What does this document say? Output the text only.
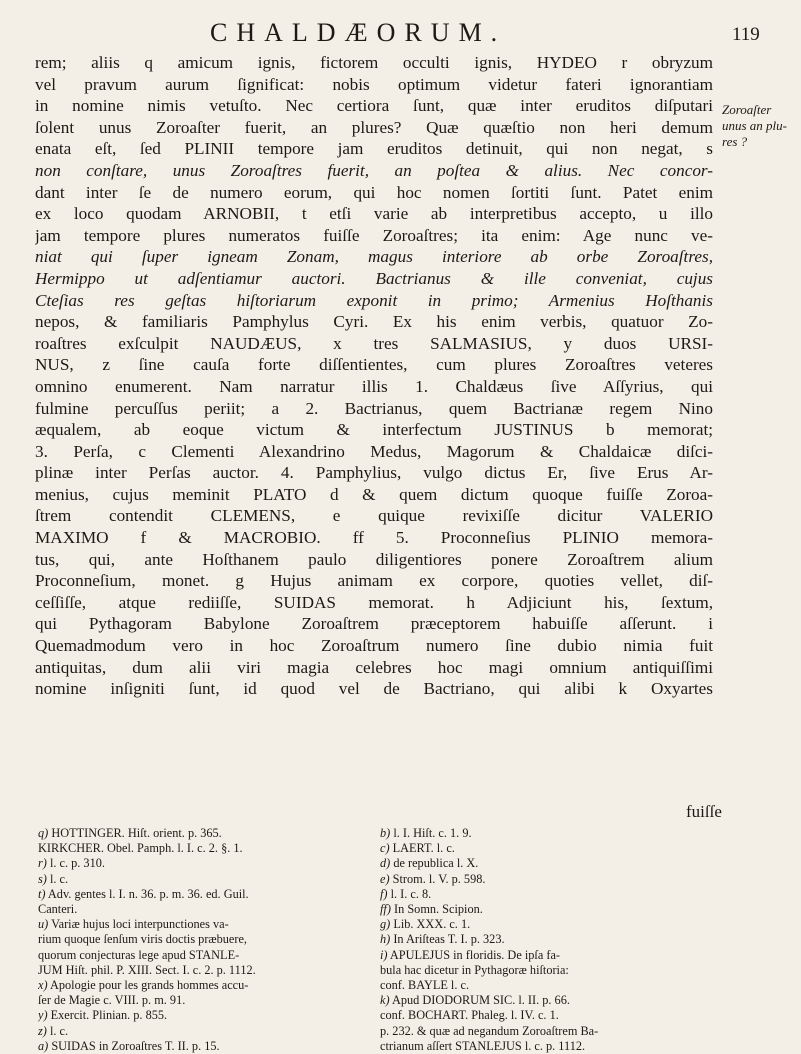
CHALDÆORUM.	119
Zoroaſter
unus an plu-
res ?
rem; aliis q amicum ignis, fictorem occulti ignis, HYDEO r obryzum
vel pravum aurum ſignificat: nobis optimum videtur fateri ignorantiam
in nomine nimis vetuſto. Nec certiora ſunt, quæ inter eruditos diſputari
ſolent unus Zoroaſter fuerit, an plures? Quæ quæſtio non heri demum
enata eſt, ſed PLINII tempore jam eruditos detinuit, qui non negat, s
non conſtare, unus Zoroaſtres fuerit, an poſtea & alius. Nec concor-
dant inter ſe de numero eorum, qui hoc nomen ſortiti ſunt. Patet enim
ex loco quodam ARNOBII, t etſi varie ab interpretibus accepto, u illo
jam tempore plures numeratos fuiſſe Zoroaſtres; ita enim: Age nunc ve-
niat qui ſuper igneam Zonam, magus interiore ab orbe Zoroaſtres,
Hermippo ut adſentiamur auctori. Bactrianus & ille conveniat, cujus
Cteſias res geſtas hiſtoriarum exponit in primo; Armenius Hoſthanis
nepos, & familiaris Pamphylus Cyri. Ex his enim verbis, quatuor Zo-
roaſtres exſculpit NAUDÆUS, x tres SALMASIUS, y duos URSI-
NUS, z ſine cauſa forte diſſentientes, cum plures Zoroaſtres veteres
omnino enumerent. Nam narratur illis 1. Chaldæus ſive Aſſyrius, qui
fulmine percuſſus periit; a 2. Bactrianus, quem Bactrianæ regem Nino
æqualem, ab eoque victum & interfectum JUSTINUS b memorat;
3. Perſa, c Clementi Alexandrino Medus, Magorum & Chaldaicæ diſci-
plinæ inter Perſas auctor. 4. Pamphylius, vulgo dictus Er, ſive Erus Ar-
menius, cujus meminit PLATO d & quem dictum quoque fuiſſe Zoroa-
ſtrem contendit CLEMENS, e quique revixiſſe dicitur VALERIO
MAXIMO f & MACROBIO. ff 5. Proconneſius PLINIO memora-
tus, qui, ante Hoſthanem paulo diligentiores ponere Zoroaſtrem alium
Proconneſium, monet. g Hujus animam ex corpore, quoties vellet, diſ-
ceſſiſſe, atque rediiſſe, SUIDAS memorat. h Adjiciunt his, ſextum,
qui Pythagoram Babylone Zoroaſtrem præceptorem habuiſſe aſſerunt. i
Quemadmodum vero in hoc Zoroaſtrum numero ſine dubio nimia fuit
antiquitas, dum alii viri magia celebres hoc magi omnium antiquiſſimi
nomine inſigniti ſunt, id quod vel de Bactriano, qui alibi k Oxyartes
fuiſſe
q) HOTTINGER. Hiſt. orient. p. 365.
KIRKCHER. Obel. Pamph. l. I. c. 2. §. 1.
r) l. c. p. 310.
s) l. c.
t) Adv. gentes l. I. n. 36. p. m. 36. ed. Guil.
Canteri.
u) Variæ hujus loci interpunctiones va-
rium quoque ſenſum viris doctis præbuere,
quorum conjecturas lege apud STANLE-
JUM Hiſt. phil. P. XIII. Sect. I. c. 2. p. 1112.
x) Apologie pour les grands hommes accu-
ſer de Magie c. VIII. p. m. 91.
y) Exercit. Plinian. p. 855.
z) l. c.
a) SUIDAS in Zoroaſtres T. II. p. 15.
b) l. I. Hiſt. c. 1. 9.
c) LAERT. l. c.
d) de republica l. X.
e) Strom. l. V. p. 598.
f) l. I. c. 8.
ff) In Somn. Scipion.
g) Lib. XXX. c. 1.
h) In Ariſteas T. I. p. 323.
i) APULEJUS in floridis. De ipſa fa-
bula hac dicetur in Pythagoræ hiſtoria:
conf. BAYLE l. c.
k) Apud DIODORUM SIC. l. II. p. 66.
conf. BOCHART. Phaleg. l. IV. c. 1.
p. 232. & quæ ad negandum Zoroaſtrem Ba-
ctrianum aſſert STANLEJUS l. c. p. 1112.
